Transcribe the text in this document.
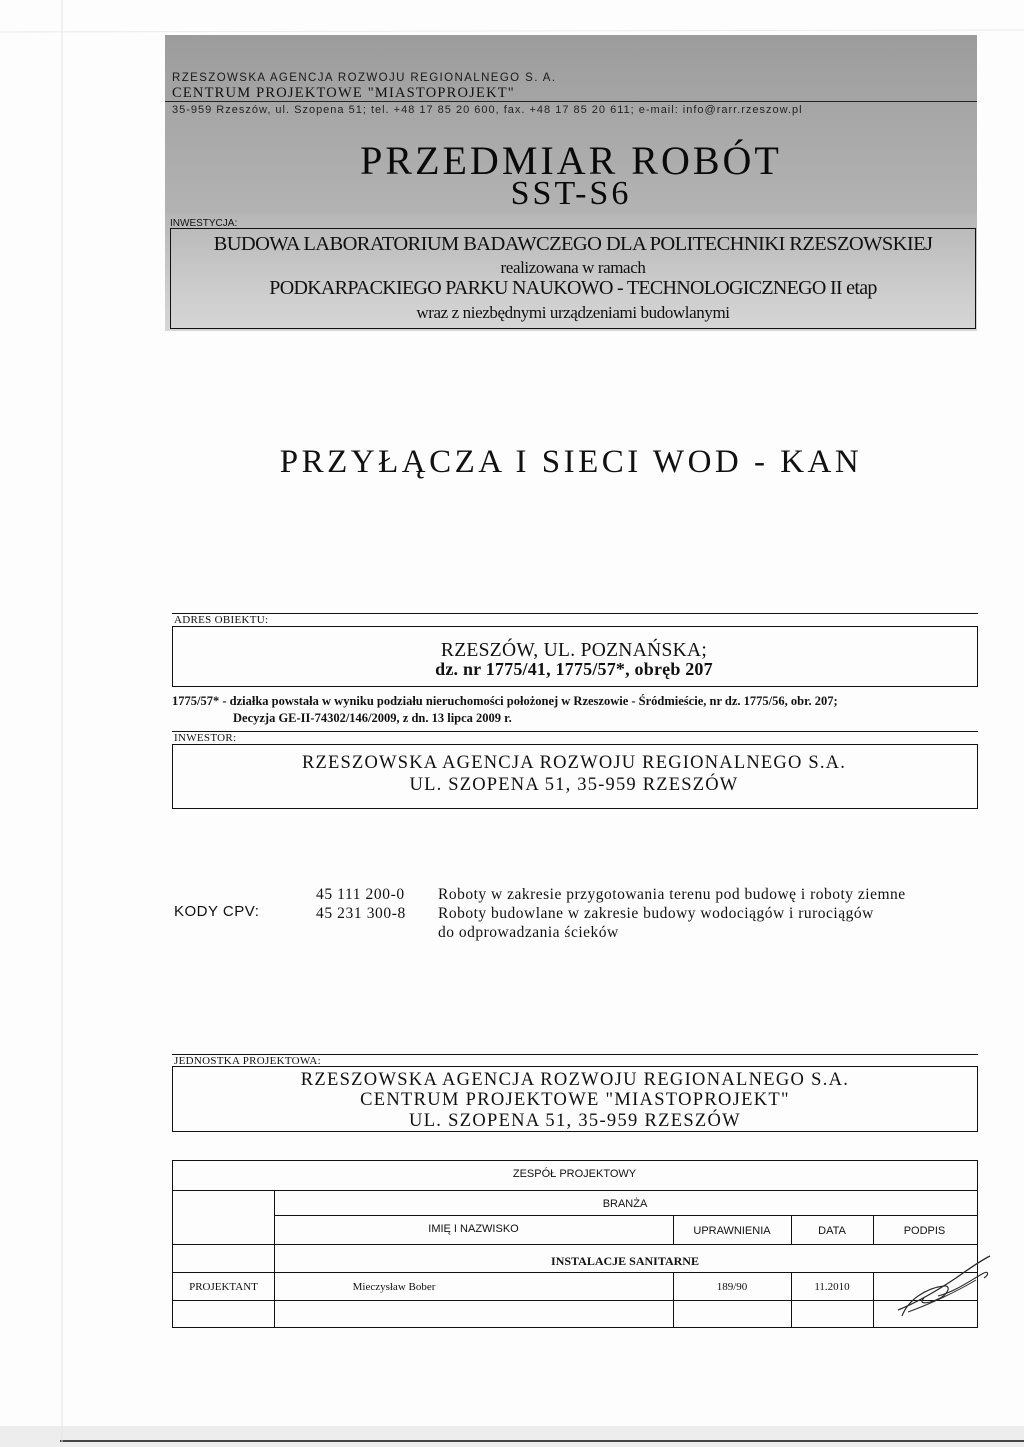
RZESZOWSKA AGENCJA ROZWOJU REGIONALNEGO S. A.
CENTRUM PROJEKTOWE "MIASTOPROJEKT"
35-959 Rzeszów, ul. Szopena 51; tel. +48 17 85 20 600, fax. +48 17 85 20 611; e-mail: info@rarr.rzeszow.pl
PRZEDMIAR ROBÓT
SST-S6
INWESTYCJA:
BUDOWA LABORATORIUM BADAWCZEGO DLA POLITECHNIKI RZESZOWSKIEJ
realizowana w ramach
PODKARPACKIEGO PARKU NAUKOWO - TECHNOLOGICZNEGO II etap
wraz z niezbędnymi urządzeniami budowlanymi
PRZYŁĄCZA I SIECI WOD - KAN
ADRES OBIEKTU:
RZESZÓW, UL. POZNAŃSKA;
dz. nr 1775/41, 1775/57*, obręb 207
1775/57* - działka powstała w wyniku podziału nieruchomości położonej w Rzeszowie - Śródmieście, nr dz. 1775/56, obr. 207;
Decyzja GE-II-74302/146/2009, z dn. 13 lipca 2009 r.
INWESTOR:
RZESZOWSKA AGENCJA ROZWOJU REGIONALNEGO S.A.
UL. SZOPENA 51, 35-959 RZESZÓW
KODY CPV:
45 111 200-0 Roboty w zakresie przygotowania terenu pod budowę i roboty ziemne
45 231 300-8 Roboty budowlane w zakresie budowy wodociągów i rurociągów
do odprowadzania ścieków
JEDNOSTKA PROJEKTOWA:
RZESZOWSKA AGENCJA ROZWOJU REGIONALNEGO S.A.
CENTRUM PROJEKTOWE "MIASTOPROJEKT"
UL. SZOPENA 51, 35-959 RZESZÓW
ZESPÓŁ PROJEKTOWY
BRANŻA
IMIĘ I NAZWISKO	UPRAWNIENIA	DATA	PODPIS
INSTALACJE SANITARNE
PROJEKTANT	Mieczysław Bober	189/90	11.2010
